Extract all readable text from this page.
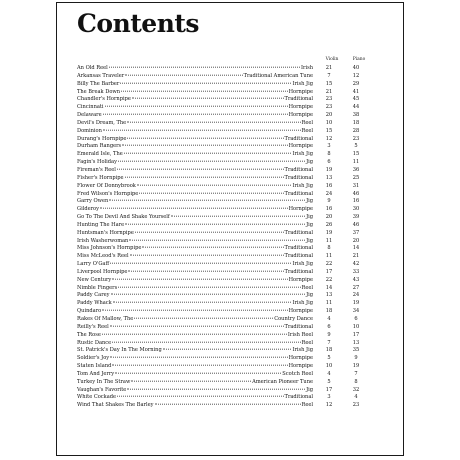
Contents
Violin	Piano
An Old Reel	Irish	21	40
Arkansas Traveler	Traditional American Tune	7	12
Billy The Barber	Irish Jig	15	29
The Break Down	Hornpipe	21	41
Chandler's Hornpipe	Traditional	23	45
Cincinnati	Hornpipe	23	44
Delaware	Hornpipe	20	38
Devil's Dream, The	Reel	10	18
Dominion	Reel	15	28
Durang's Hornpipe	Traditional	12	23
Durham Rangers	Hornpipe	3	5
Emerald Isle, The	Irish Jig	8	15
Fagin's Holiday	Jig	6	11
Fireman's Reel	Traditional	19	36
Fisher's Hornpipe	Traditional	13	25
Flower Of Donnybrook	Irish Jig	16	31
Fred Wilson's Hornpipe	Traditional	24	46
Garry Owen	Jig	9	16
Gilderoy	Hornpipe	16	30
Go To The Devil And Shake Yourself	Jig	20	39
Hunting The Hare	Jig	26	46
Huntsman's Hornpipe	Traditional	19	37
Irish Washerwoman	Jig	11	20
Miss Johnson's Hornpipe	Traditional	8	14
Miss McLeod's Reel	Traditional	11	21
Larry O'Gaff	Irish Jig	22	42
Liverpool Hornpipe	Traditional	17	33
New Century	Hornpipe	22	43
Nimble Fingers	Reel	14	27
Paddy Carey	Jig	13	24
Paddy Whack	Irish Jig	11	19
Quindaro	Hornpipe	18	34
Rakes Of Mallow, The	Country Dance	4	6
Reilly's Reel	Traditional	6	10
The Rose	Irish Reel	9	17
Rustic Dance	Reel	7	13
St. Patrick's Day In The Morning	Irish Jig	18	35
Soldier's Joy	Hornpipe	5	9
Staten Island	Hornpipe	10	19
Tom And Jerry	Scotch Reel	4	7
Turkey In The Straw	American Pioneer Tune	5	8
Vaughan's Favorite	Jig	17	32
White Cockade	Traditional	3	4
Wind That Shakes The Barley	Reel	12	23
